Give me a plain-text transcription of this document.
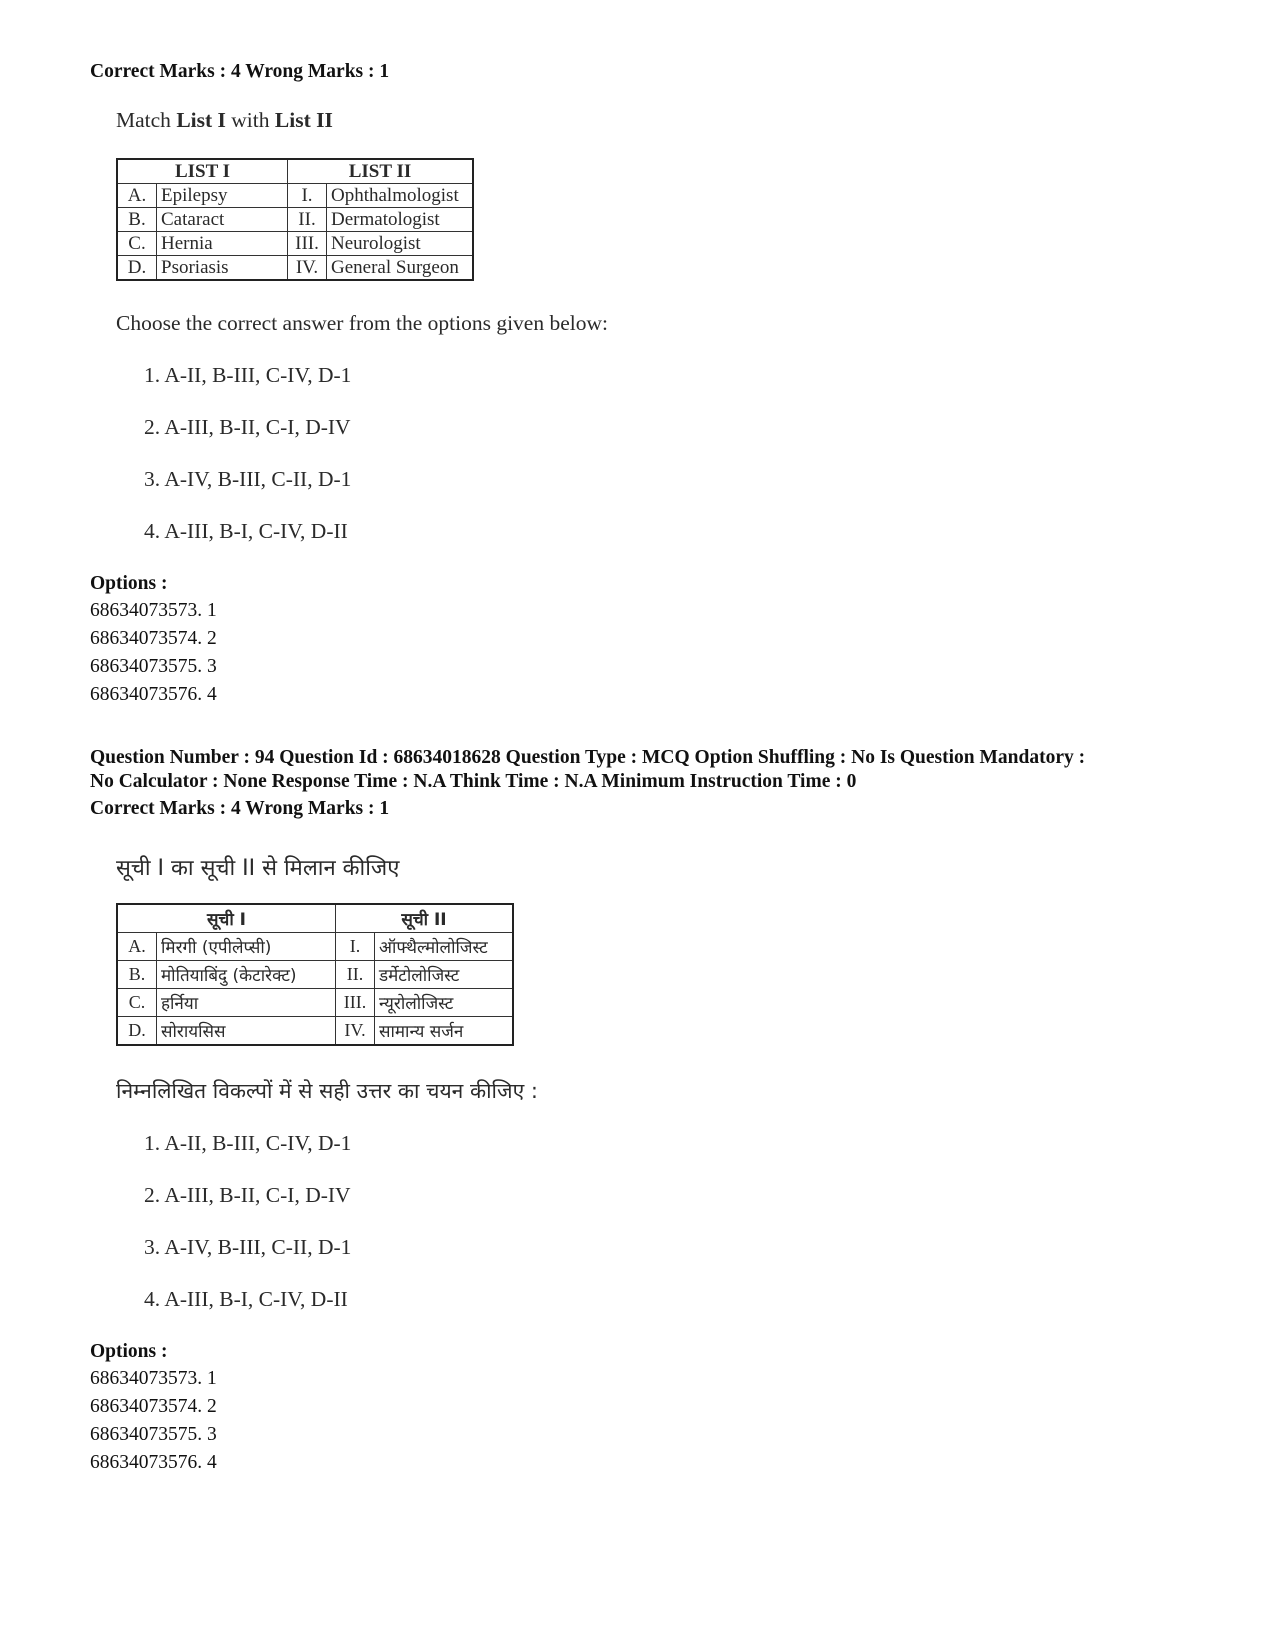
Correct Marks : 4 Wrong Marks : 1
Match List I with List II
LIST I		LIST II	
A.	Epilepsy	I.	Ophthalmologist
B.	Cataract	II.	Dermatologist
C.	Hernia	III.	Neurologist
D.	Psoriasis	IV.	General Surgeon
Choose the correct answer from the options given below:
1. A-II, B-III, C-IV, D-1
2. A-III, B-II, C-I, D-IV
3. A-IV, B-III, C-II, D-1
4. A-III, B-I, C-IV, D-II
Options :
68634073573. 1
68634073574. 2
68634073575. 3
68634073576. 4
Question Number : 94 Question Id : 68634018628 Question Type : MCQ Option Shuffling : No Is Question Mandatory :
No Calculator : None Response Time : N.A Think Time : N.A Minimum Instruction Time : 0
Correct Marks : 4 Wrong Marks : 1
सूची I का सूची II से मिलान कीजिए
सूची I		सूची II	
A.	मिरगी (एपीलेप्सी)	I.	ऑफ्थैल्मोलोजिस्ट
B.	मोतियाबिंदु (केटारेक्ट)	II.	डर्मेटोलोजिस्ट
C.	हर्निया	III.	न्यूरोलोजिस्ट
D.	सोरायसिस	IV.	सामान्य सर्जन
निम्नलिखित विकल्पों में से सही उत्तर का चयन कीजिए :
1. A-II, B-III, C-IV, D-1
2. A-III, B-II, C-I, D-IV
3. A-IV, B-III, C-II, D-1
4. A-III, B-I, C-IV, D-II
Options :
68634073573. 1
68634073574. 2
68634073575. 3
68634073576. 4
